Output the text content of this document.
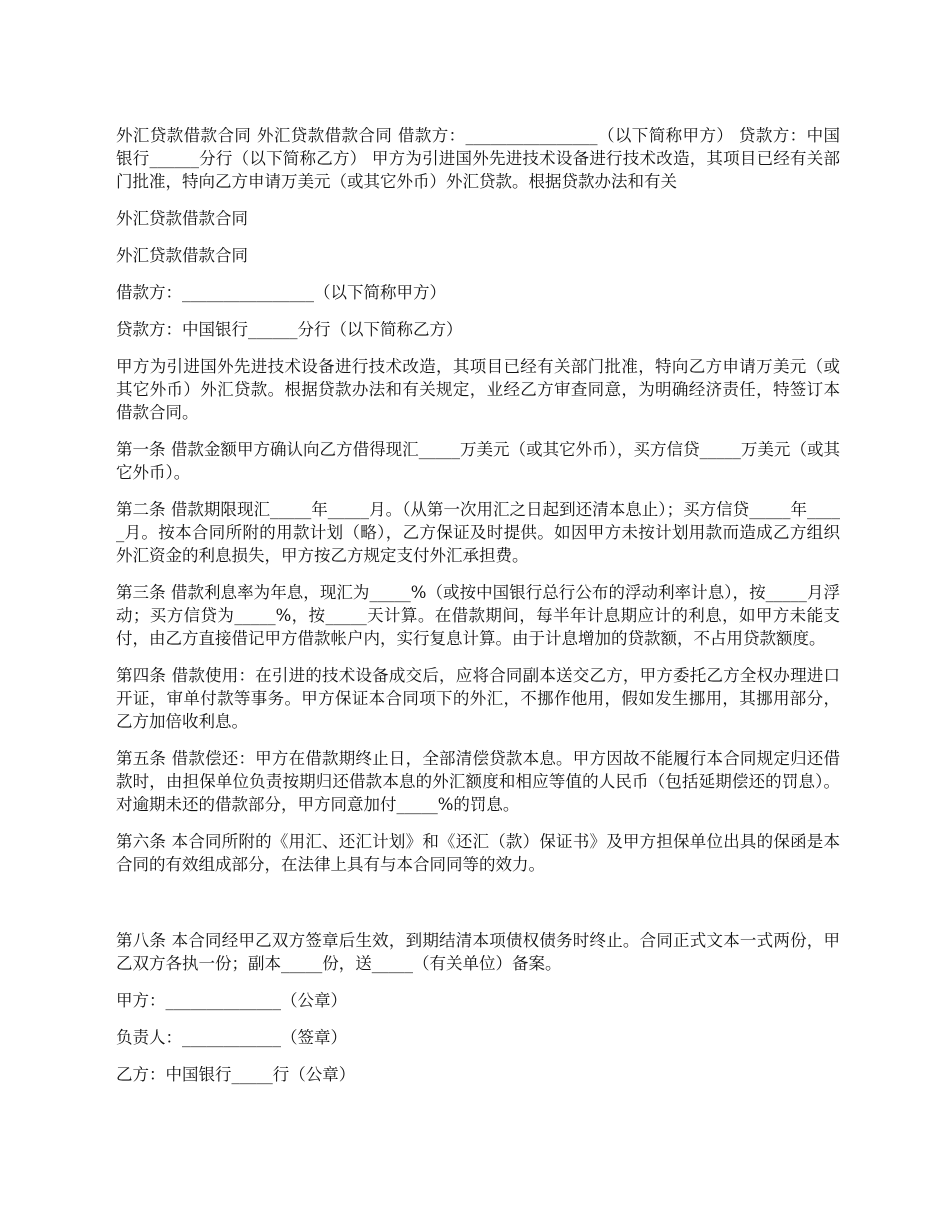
外汇贷款借款合同 外汇贷款借款合同 借款方：________________（以下简称甲方） 贷款方：中国银行______分行（以下简称乙方） 甲方为引进国外先进技术设备进行技术改造，其项目已经有关部门批准，特向乙方申请万美元（或其它外币）外汇贷款。根据贷款办法和有关

外汇贷款借款合同

外汇贷款借款合同

借款方：________________（以下简称甲方）

贷款方：中国银行______分行（以下简称乙方）

甲方为引进国外先进技术设备进行技术改造，其项目已经有关部门批准，特向乙方申请万美元（或其它外币）外汇贷款。根据贷款办法和有关规定，业经乙方审查同意，为明确经济责任，特签订本借款合同。

第一条 借款金额甲方确认向乙方借得现汇_____万美元（或其它外币），买方信贷_____万美元（或其它外币）。

第二条 借款期限现汇_____年_____月。（从第一次用汇之日起到还清本息止）；买方信贷_____年_____月。按本合同所附的用款计划（略），乙方保证及时提供。如因甲方未按计划用款而造成乙方组织外汇资金的利息损失，甲方按乙方规定支付外汇承担费。

第三条 借款利息率为年息，现汇为_____%（或按中国银行总行公布的浮动利率计息），按_____月浮动；买方信贷为_____%，按_____天计算。在借款期间，每半年计息期应计的利息，如甲方未能支付，由乙方直接借记甲方借款帐户内，实行复息计算。由于计息增加的贷款额，不占用贷款额度。

第四条 借款使用：在引进的技术设备成交后，应将合同副本送交乙方，甲方委托乙方全权办理进口开证，审单付款等事务。甲方保证本合同项下的外汇，不挪作他用，假如发生挪用，其挪用部分，乙方加倍收利息。

第五条 借款偿还：甲方在借款期终止日，全部清偿贷款本息。甲方因故不能履行本合同规定归还借款时，由担保单位负责按期归还借款本息的外汇额度和相应等值的人民币（包括延期偿还的罚息）。对逾期未还的借款部分，甲方同意加付_____%的罚息。

第六条 本合同所附的《用汇、还汇计划》和《还汇（款）保证书》及甲方担保单位出具的保函是本合同的有效组成部分，在法律上具有与本合同同等的效力。

第八条 本合同经甲乙双方签章后生效，到期结清本项债权债务时终止。合同正式文本一式两份，甲乙双方各执一份；副本_____份，送_____（有关单位）备案。

甲方：______________（公章）

负责人：____________（签章）

乙方：中国银行_____行（公章）
